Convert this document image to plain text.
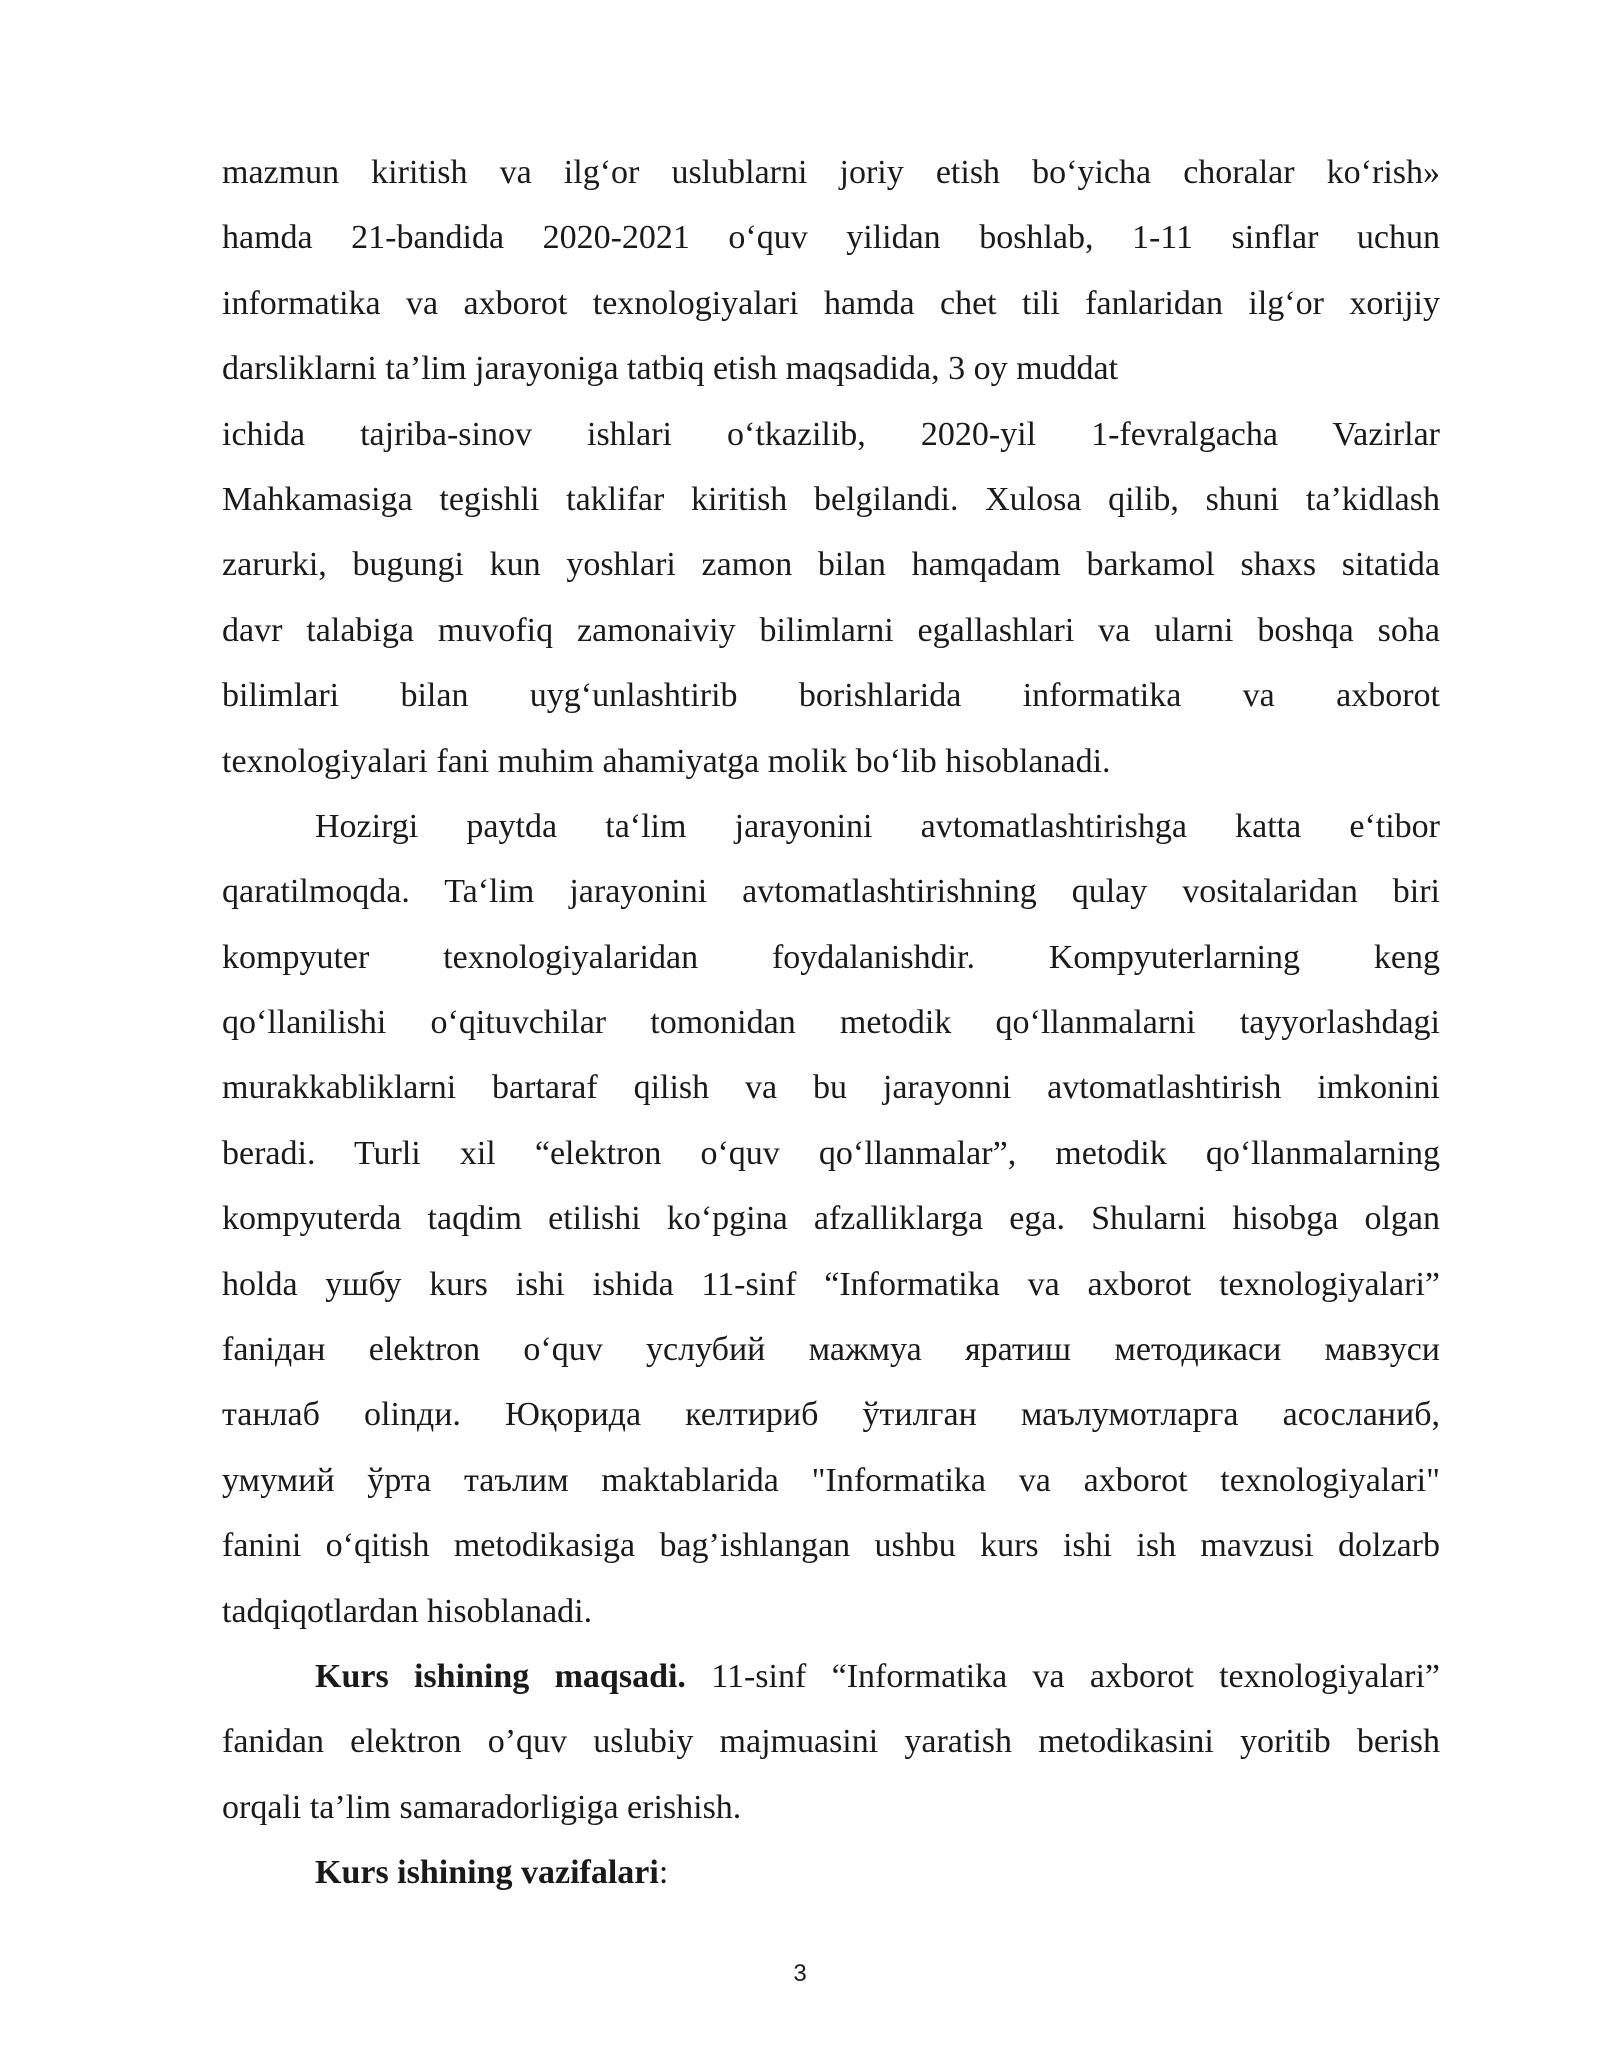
mazmun kiritish va ilg‘or uslublarni joriy etish bo‘yicha choralar ko‘rish»
hamda 21-bandida 2020-2021 o‘quv yilidan boshlab, 1-11 sinflar uchun
informatika va axborot texnologiyalari hamda chet tili fanlaridan ilg‘or xorijiy
darsliklarni ta’lim jarayoniga tatbiq etish maqsadida, 3 oy muddat
ichida tajriba-sinov ishlari o‘tkazilib, 2020-yil 1-fevralgacha Vazirlar
Mahkamasiga tegishli taklifar kiritish belgilandi. Xulosa qilib, shuni ta’kidlash
zarurki, bugungi kun yoshlari zamon bilan hamqadam barkamol shaxs sitatida
davr talabiga muvofiq zamonaiviy bilimlarni egallashlari va ularni boshqa soha
bilimlari bilan uyg‘unlashtirib borishlarida informatika va axborot
texnologiyalari fani muhim ahamiyatga molik bo‘lib hisoblanadi.
Hozirgi paytda ta‘lim jarayonini avtomatlashtirishga katta e‘tibor
qaratilmoqda. Ta‘lim jarayonini avtomatlashtirishning qulay vositalaridan biri
kompyuter texnologiyalaridan foydalanishdir. Kompyuterlarning keng
qo‘llanilishi o‘qituvchilar tomonidan metodik qo‘llanmalarni tayyorlashdagi
murakkabliklarni bartaraf qilish va bu jarayonni avtomatlashtirish imkonini
beradi. Turli xil “elektron o‘quv qo‘llanmalar”, metodik qo‘llanmalarning
kompyuterda taqdim etilishi ko‘pgina afzalliklarga ega. Shularni hisobga olgan
holda ушбу kurs ishi ishida 11-sinf “Informatika va axborot texnologiyalari”
fanідан elektron o‘quv услубий мажмуа яратиш методикаси мавзуси
танлаб olinди. Юқорида келтириб ўтилган маълумотларга асосланиб,
умумий ўрта таълим maktablarida "Informatika va axborot texnologiyalari"
fanini o‘qitish metodikasiga bag’ishlangan ushbu kurs ishi ish mavzusi dolzarb
tadqiqotlardan hisoblanadi.
Kurs ishining maqsadi. 11-sinf “Informatika va axborot texnologiyalari”
fanidan elektron o’quv uslubiy majmuasini yaratish metodikasini yoritib berish
orqali ta’lim samaradorligiga erishish.
Kurs ishining vazifalari:
3
